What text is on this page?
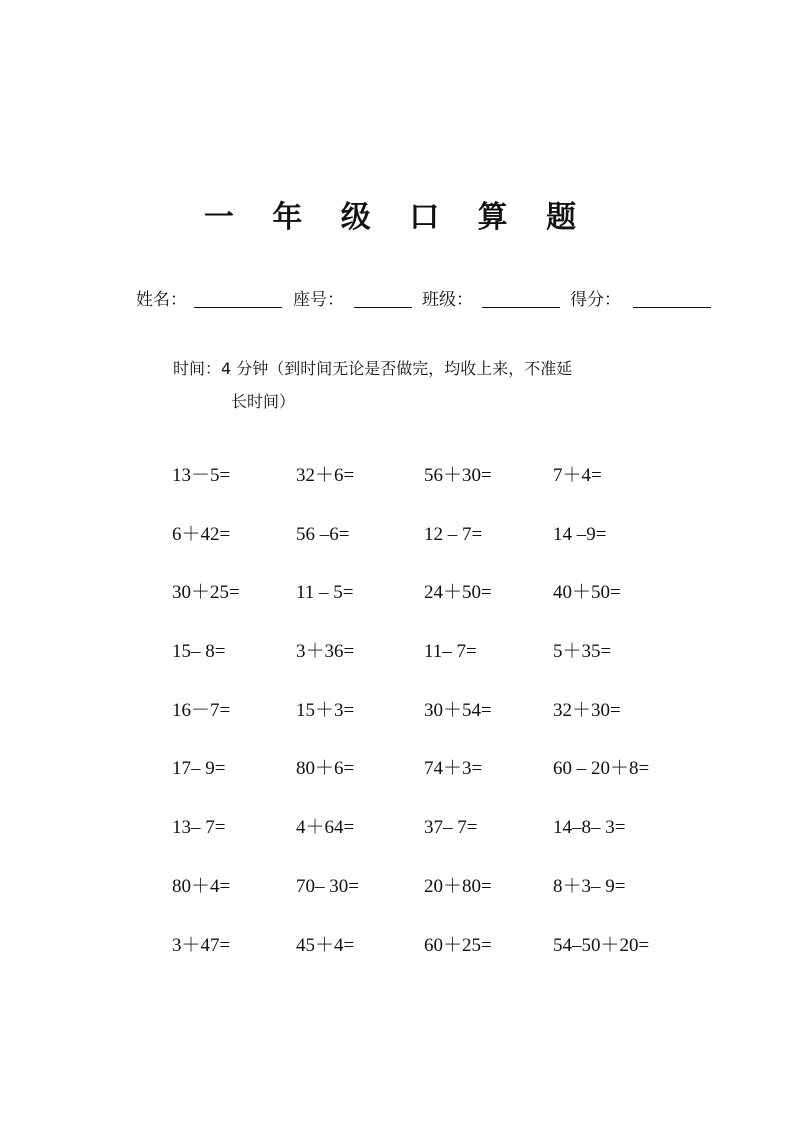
一 年 级 口 算 题
姓名：	座号：	班级：	得分：
时间：4 分钟（到时间无论是否做完，均收上来，不准延
长时间）
13－5=	32＋6=	56＋30=	7＋4=
6＋42=	56 –6=	12 – 7=	14 –9=
30＋25=	11 – 5=	24＋50=	40＋50=
15– 8=	3＋36=	11– 7=	5＋35=
16－7=	15＋3=	30＋54=	32＋30=
17– 9=	80＋6=	74＋3=	60 – 20＋8=
13– 7=	4＋64=	37– 7=	14–8– 3=
80＋4=	70– 30=	20＋80=	8＋3– 9=
3＋47=	45＋4=	60＋25=	54–50＋20=
